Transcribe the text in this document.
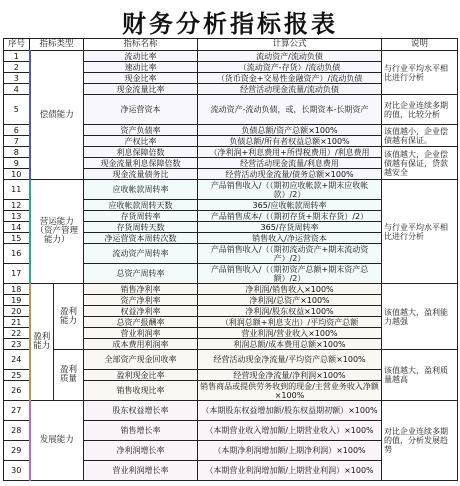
财务分析指标报表
序号	指标类型		指标名称	计算公式	说明
1	偿债能力		流动比率	流动资产/流动负债	与行业平均水平相比进行分析
2			速动比率	（流动资产-存货）/流动负债	
3			现金比率	（货币资金+交易性金融资产）/流动负债	
4			现金流量比率	经营活动现金流量/流动负债	
5			净运营资本	流动资产-流动负债，或，长期资本-长期资产	对比企业连续多期的值，比较分析
6			资产负债率	负债总额/资产总额×100%	该值越小，企业偿债越有保证。
7			产权比率	负债总额/所有者权益总额×100%	
8			利息保障倍数	（净利润+利息费用+所得税费用）/利息费用	该值越大，企业偿债越有保证，贷款越安全
9			现金流量利息保障倍数	经营活动现金流量/利息费用	
10			现金流量债务比	经营活动现金流量/债务总额×100%	
11	营运能力（资产管理能力）		应收帐款周转率	产品销售收入/（（期初应收帐款+期末应收帐款）/2）	与行业平均水平相比进行分析
12			应收帐款周转天数	365/应收帐款周转率	
13			存货周转率	产品销售成本/（（期初存货+期末存货）/2）	
14			存货周转天数	365/存货周转率	
15			净运营资本周转次数	销售收入/净运营资本	
16			流动资产周转率	产品销售收入/（（期初流动资产+期末流动资产）/2）	
17			总资产周转率	产品销售收入/（（期初资产总额+期末资产总额）/2）	
18	盈利能力	盈利能力	销售净利率	净利润/销售收入×100%	该值越大，盈利能力越强
19			资产净利率	净利润/总资产×100%	
20			权益净利率	净利润/股东权益×100%	
21			总资产报酬率	（利润总额+利息支出）/平均资产总额	
22			营业利润率	营业利润/营业收入×100%	
23			成本费用利润率	利润总额/成本费用总额×100%	
24		盈利质量	全部资产现金回收率	经营活动现金净流量/平均资产总额×100%	该值越大，盈利质量越高
25			盈利现金比率	经营现金净流量/净利润×100%	
26			销售收现比率	销售商品或提供劳务收到的现金/主营业务收入净额×100%	
27	发展能力		股东权益增长率	（本期股东权益增加额/股东权益期初额）×100%	对比企业连续多期的值，分析发展趋势
28			销售增长率	（本期营业收入增加额/上期营业收入）×100%	
29			净利润增长率	（本期净利润增加额/上期净利润）×100%	
30			营业利润增长率	（本期营业利润增加额/上期营业利润）×100%	
